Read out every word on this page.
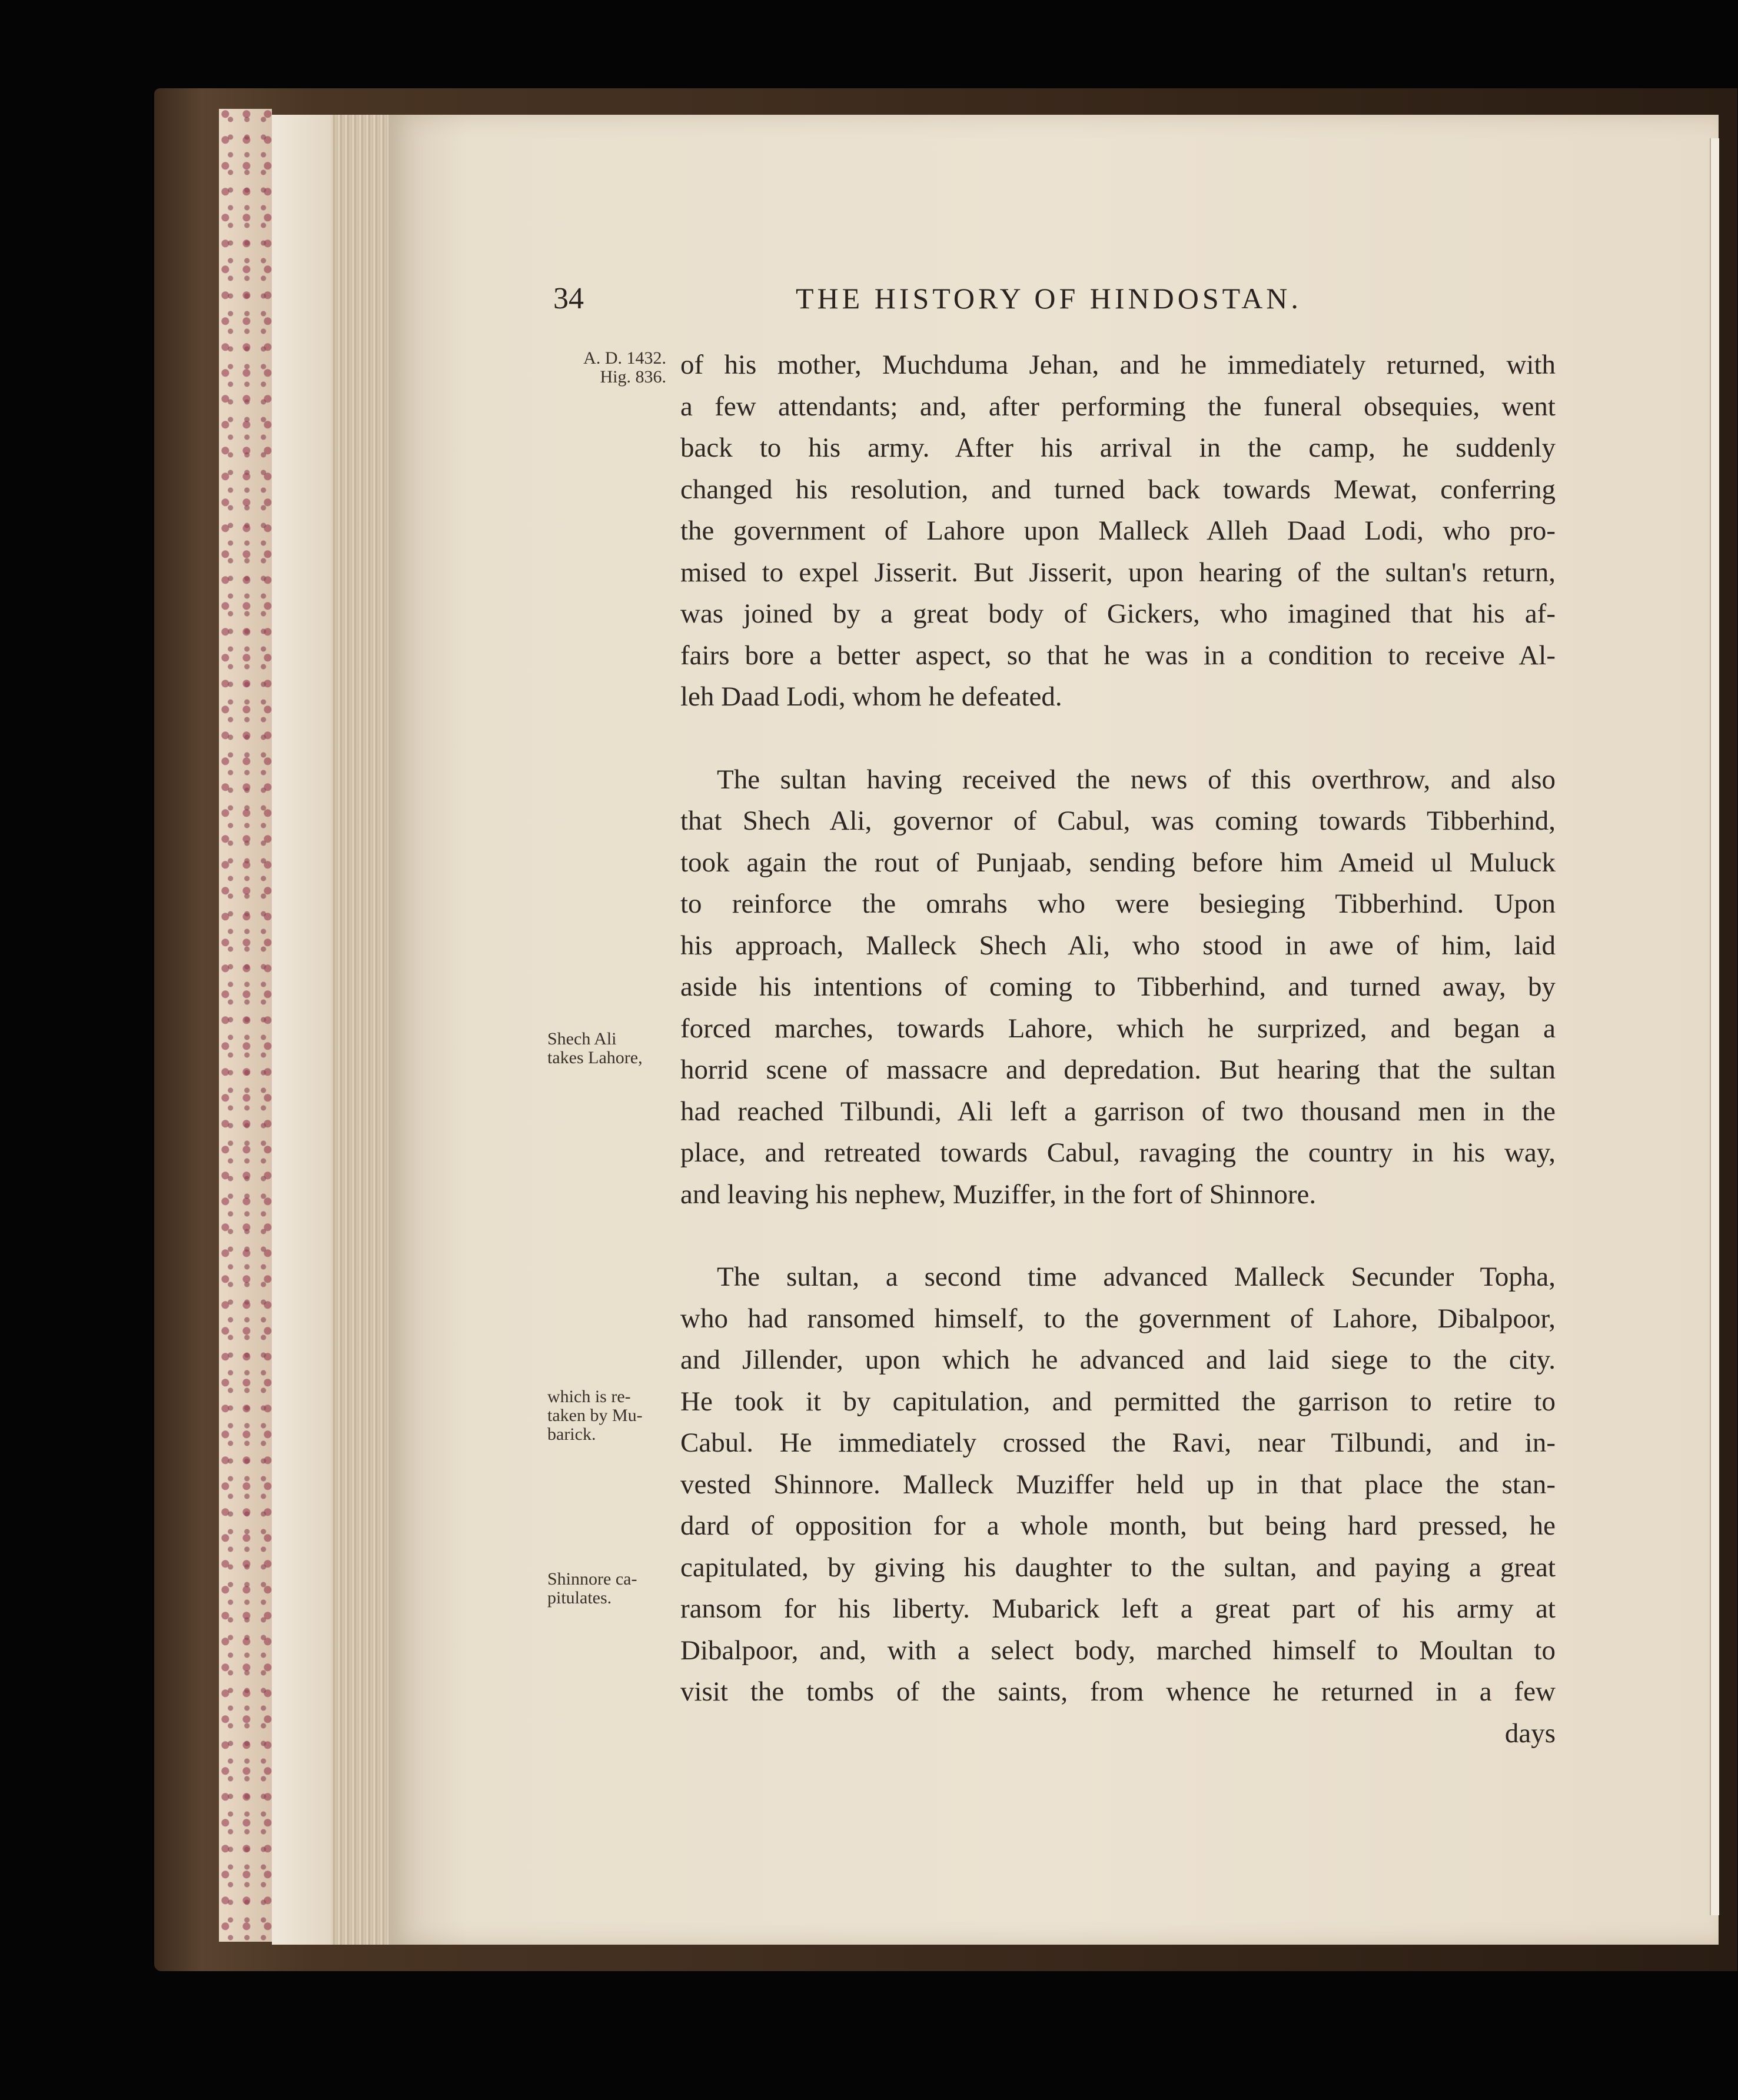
34	THE HISTORY OF HINDOSTAN.
A. D. 1432.
Hig. 836.
Shech Ali
takes Lahore,
which is re-
taken by Mu-
barick.
Shinnore ca-
pitulates.

of his mother, Muchduma Jehan, and he immediately returned, with

a few attendants; and, after performing the funeral obsequies, went

back to his army. After his arrival in the camp, he suddenly

changed his resolution, and turned back towards Mewat, conferring

the government of Lahore upon Malleck Alleh Daad Lodi, who pro-

mised to expel Jisserit. But Jisserit, upon hearing of the sultan's return,

was joined by a great body of Gickers, who imagined that his af-

fairs bore a better aspect, so that he was in a condition to receive Al-

leh Daad Lodi, whom he defeated.

The sultan having received the news of this overthrow, and also

that Shech Ali, governor of Cabul, was coming towards Tibberhind,

took again the rout of Punjaab, sending before him Ameid ul Muluck

to reinforce the omrahs who were besieging Tibberhind. Upon

his approach, Malleck Shech Ali, who stood in awe of him, laid

aside his intentions of coming to Tibberhind, and turned away, by

forced marches, towards Lahore, which he surprized, and began a

horrid scene of massacre and depredation. But hearing that the sultan

had reached Tilbundi, Ali left a garrison of two thousand men in the

place, and retreated towards Cabul, ravaging the country in his way,

and leaving his nephew, Muziffer, in the fort of Shinnore.

The sultan, a second time advanced Malleck Secunder Topha,

who had ransomed himself, to the government of Lahore, Dibalpoor,

and Jillender, upon which he advanced and laid siege to the city.

He took it by capitulation, and permitted the garrison to retire to

Cabul. He immediately crossed the Ravi, near Tilbundi, and in-

vested Shinnore. Malleck Muziffer held up in that place the stan-

dard of opposition for a whole month, but being hard pressed, he

capitulated, by giving his daughter to the sultan, and paying a great

ransom for his liberty. Mubarick left a great part of his army at

Dibalpoor, and, with a select body, marched himself to Moultan to

visit the tombs of the saints, from whence he returned in a few

days
